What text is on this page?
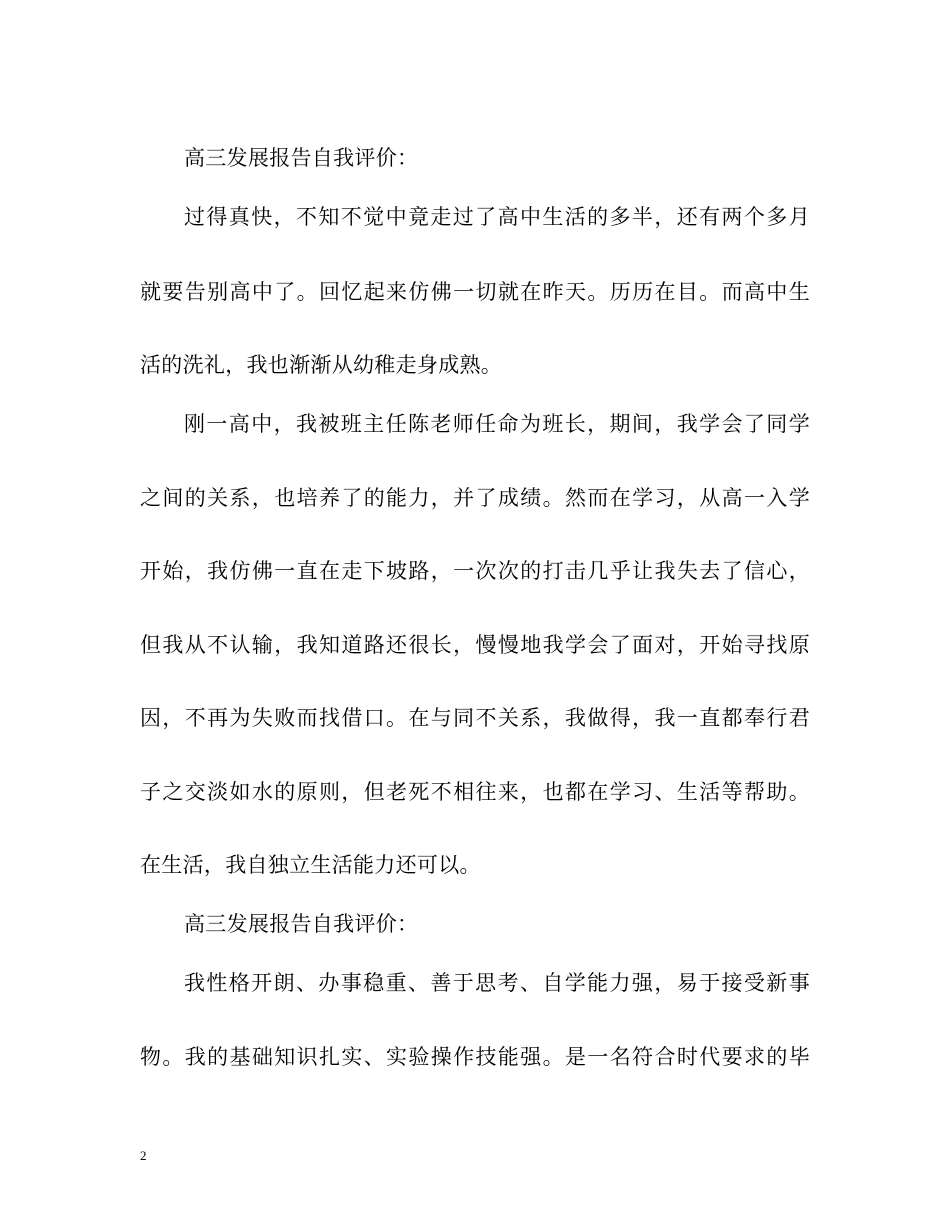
高三发展报告自我评价：
过得真快，不知不觉中竟走过了高中生活的多半，还有两个多月
就要告别高中了。回忆起来仿佛一切就在昨天。历历在目。而高中生
活的洗礼，我也渐渐从幼稚走身成熟。
刚一高中，我被班主任陈老师任命为班长，期间，我学会了同学
之间的关系，也培养了的能力，并了成绩。然而在学习，从高一入学
开始，我仿佛一直在走下坡路，一次次的打击几乎让我失去了信心，
但我从不认输，我知道路还很长，慢慢地我学会了面对，开始寻找原
因，不再为失败而找借口。在与同不关系，我做得，我一直都奉行君
子之交淡如水的原则，但老死不相往来，也都在学习、生活等帮助。
在生活，我自独立生活能力还可以。
高三发展报告自我评价：
我性格开朗、办事稳重、善于思考、自学能力强，易于接受新事
物。我的基础知识扎实、实验操作技能强。是一名符合时代要求的毕
2
